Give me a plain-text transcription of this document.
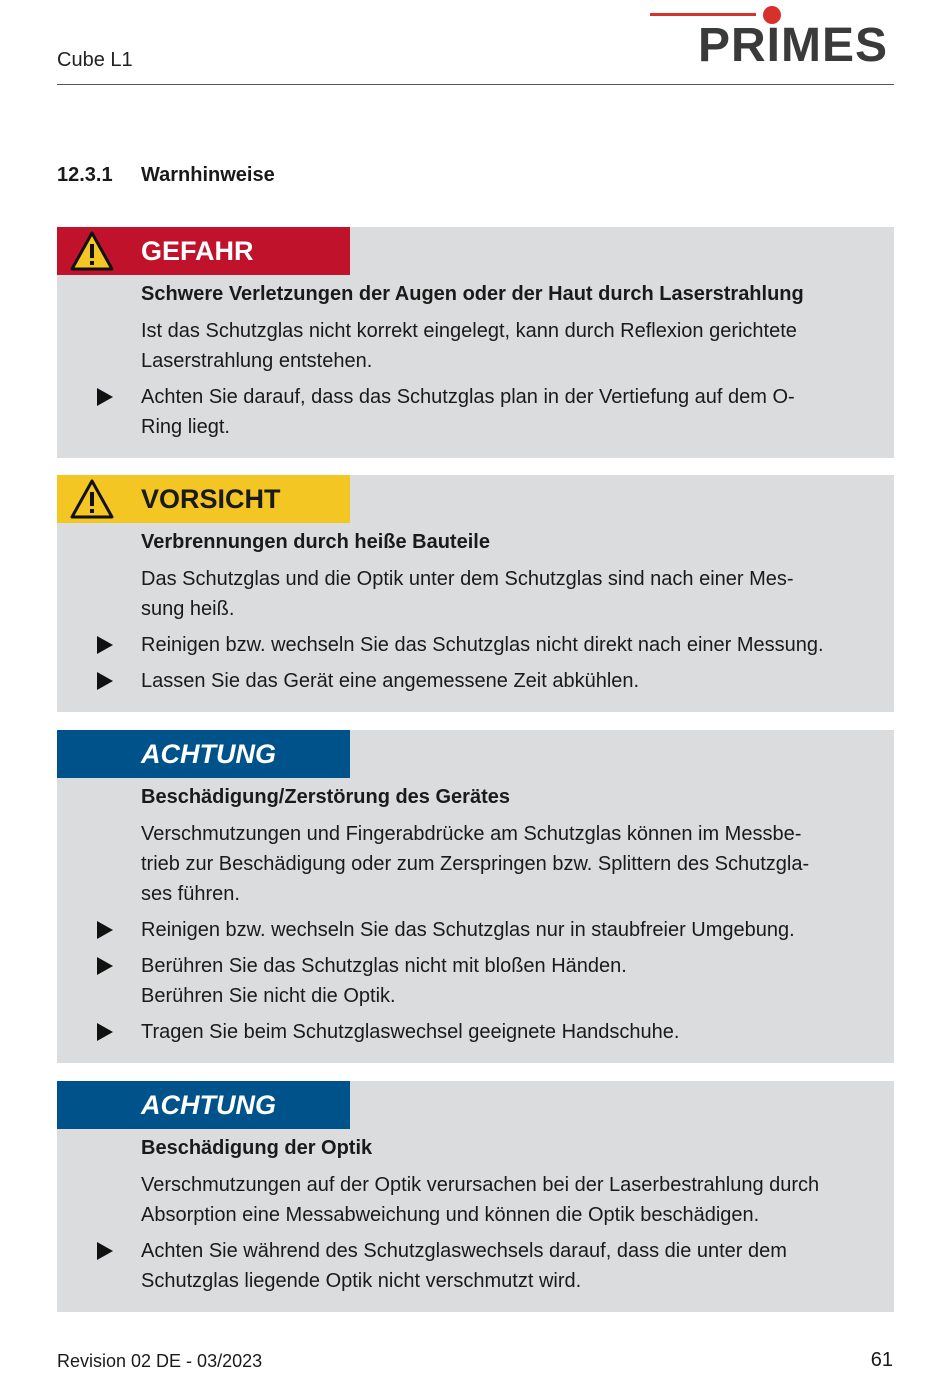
Cube L1	PRIMES
12.3.1 Warnhinweise
GEFAHR
Schwere Verletzungen der Augen oder der Haut durch Laserstrahlung
Ist das Schutzglas nicht korrekt eingelegt, kann durch Reflexion gerichtete
Laserstrahlung entstehen.
Achten Sie darauf, dass das Schutzglas plan in der Vertiefung auf dem O-
Ring liegt.
VORSICHT
Verbrennungen durch heiße Bauteile
Das Schutzglas und die Optik unter dem Schutzglas sind nach einer Mes-
sung heiß.
Reinigen bzw. wechseln Sie das Schutzglas nicht direkt nach einer Messung.
Lassen Sie das Gerät eine angemessene Zeit abkühlen.
ACHTUNG
Beschädigung/Zerstörung des Gerätes
Verschmutzungen und Fingerabdrücke am Schutzglas können im Messbe-
trieb zur Beschädigung oder zum Zerspringen bzw. Splittern des Schutzgla-
ses führen.
Reinigen bzw. wechseln Sie das Schutzglas nur in staubfreier Umgebung.
Berühren Sie das Schutzglas nicht mit bloßen Händen.
Berühren Sie nicht die Optik.
Tragen Sie beim Schutzglaswechsel geeignete Handschuhe.
ACHTUNG
Beschädigung der Optik
Verschmutzungen auf der Optik verursachen bei der Laserbestrahlung durch
Absorption eine Messabweichung und können die Optik beschädigen.
Achten Sie während des Schutzglaswechsels darauf, dass die unter dem
Schutzglas liegende Optik nicht verschmutzt wird.
Revision 02 DE - 03/2023	61
